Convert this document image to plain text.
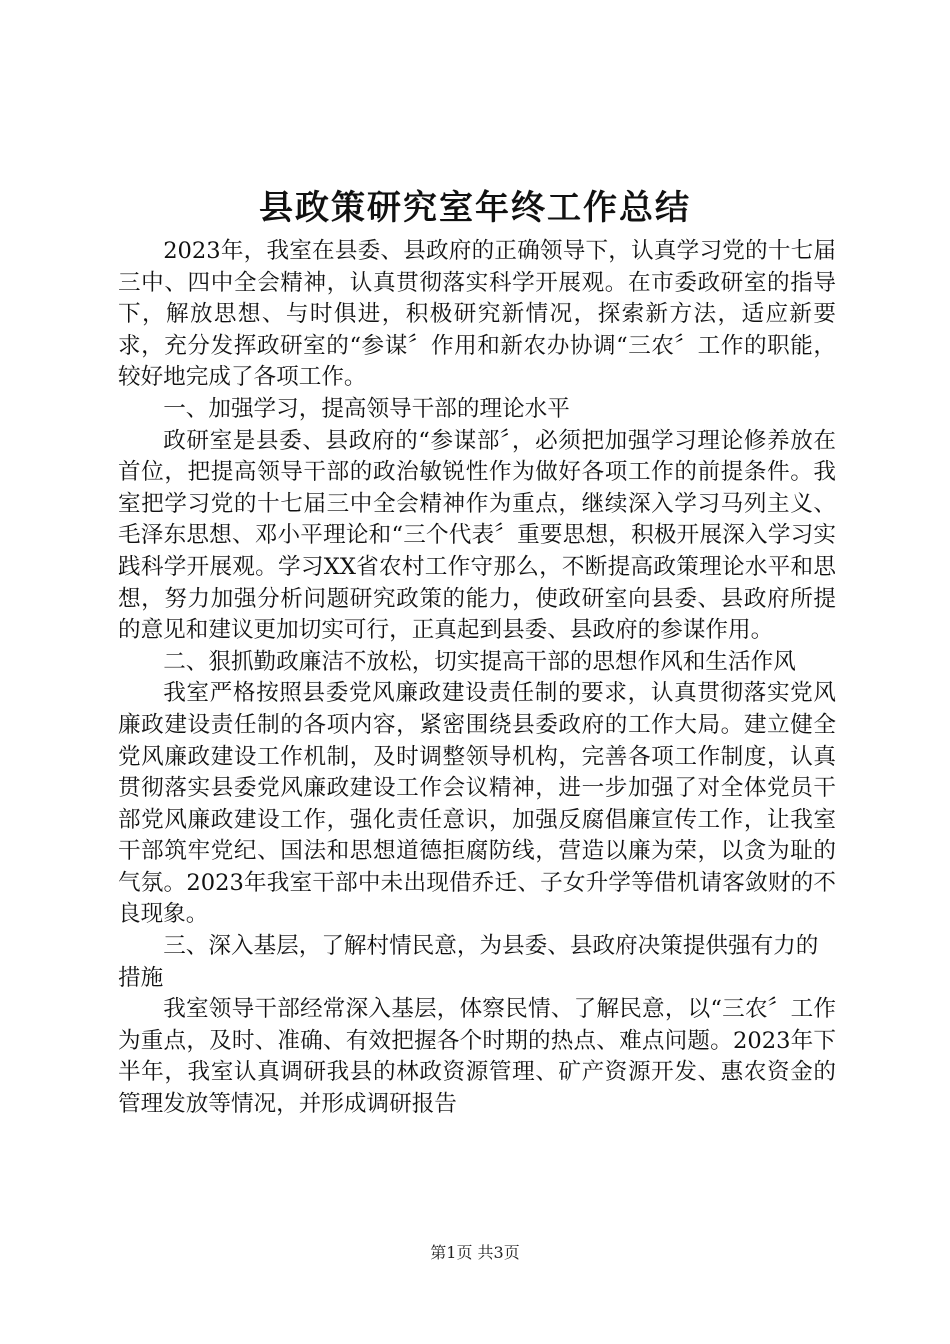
县政策研究室年终工作总结

2023年，我室在县委、县政府的正确领导下，认真学习党的十七届三中、四中全会精神，认真贯彻落实科学开展观。在市委政研室的指导下，解放思想、与时俱进，积极研究新情况，探索新方法，适应新要求，充分发挥政研室的“参谋〞作用和新农办协调“三农〞工作的职能，较好地完成了各项工作。

一、加强学习，提高领导干部的理论水平

政研室是县委、县政府的“参谋部〞，必须把加强学习理论修养放在首位，把提高领导干部的政治敏锐性作为做好各项工作的前提条件。我室把学习党的十七届三中全会精神作为重点，继续深入学习马列主义、毛泽东思想、邓小平理论和“三个代表〞重要思想，积极开展深入学习实践科学开展观。学习XX省农村工作守那么，不断提高政策理论水平和思想，努力加强分析问题研究政策的能力，使政研室向县委、县政府所提的意见和建议更加切实可行，正真起到县委、县政府的参谋作用。

二、狠抓勤政廉洁不放松，切实提高干部的思想作风和生活作风

我室严格按照县委党风廉政建设责任制的要求，认真贯彻落实党风廉政建设责任制的各项内容，紧密围绕县委政府的工作大局。建立健全党风廉政建设工作机制，及时调整领导机构，完善各项工作制度，认真贯彻落实县委党风廉政建设工作会议精神，进一步加强了对全体党员干部党风廉政建设工作，强化责任意识，加强反腐倡廉宣传工作，让我室干部筑牢党纪、国法和思想道德拒腐防线，营造以廉为荣，以贪为耻的气氛。2023年我室干部中未出现借乔迁、子女升学等借机请客敛财的不良现象。

三、深入基层，了解村情民意，为县委、县政府决策提供强有力的措施

我室领导干部经常深入基层，体察民情、了解民意，以“三农〞工作为重点，及时、准确、有效把握各个时期的热点、难点问题。2023年下半年，我室认真调研我县的林政资源管理、矿产资源开发、惠农资金的管理发放等情况，并形成调研报告

第1页 共3页
